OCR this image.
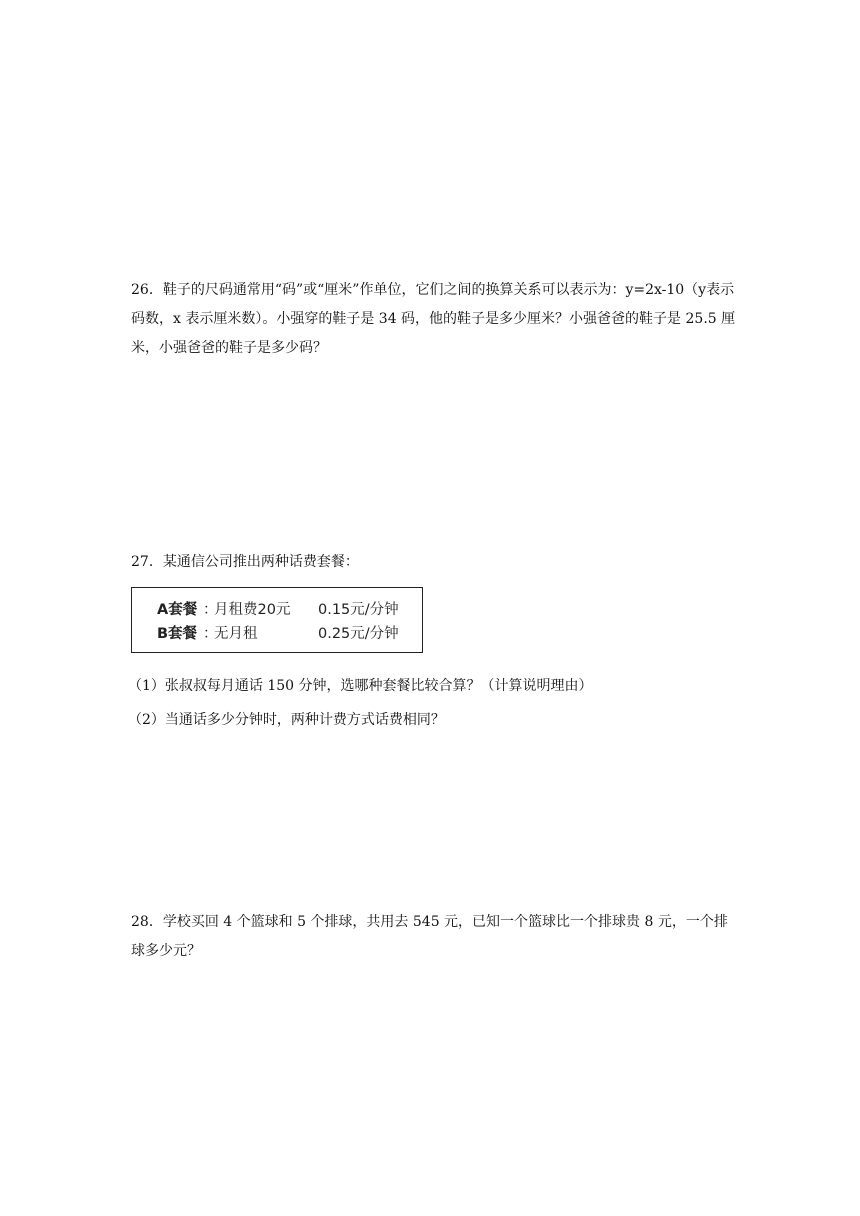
26．鞋子的尺码通常用“码”或“厘米”作单位，它们之间的换算关系可以表示为：y=2x-10（y表示码数，x 表示厘米数）。小强穿的鞋子是 34 码，他的鞋子是多少厘米？小强爸爸的鞋子是 25.5 厘米，小强爸爸的鞋子是多少码？

27．某通信公司推出两种话费套餐：

A套餐 ：
月租费20元 0.15元/分钟
B套餐 ：
无月租	0.25元/分钟

（1）张叔叔每月通话 150 分钟，选哪种套餐比较合算？（计算说明理由）

（2）当通话多少分钟时，两种计费方式话费相同？

28．学校买回 4 个篮球和 5 个排球，共用去 545 元，已知一个篮球比一个排球贵 8 元，一个排球多少元？
